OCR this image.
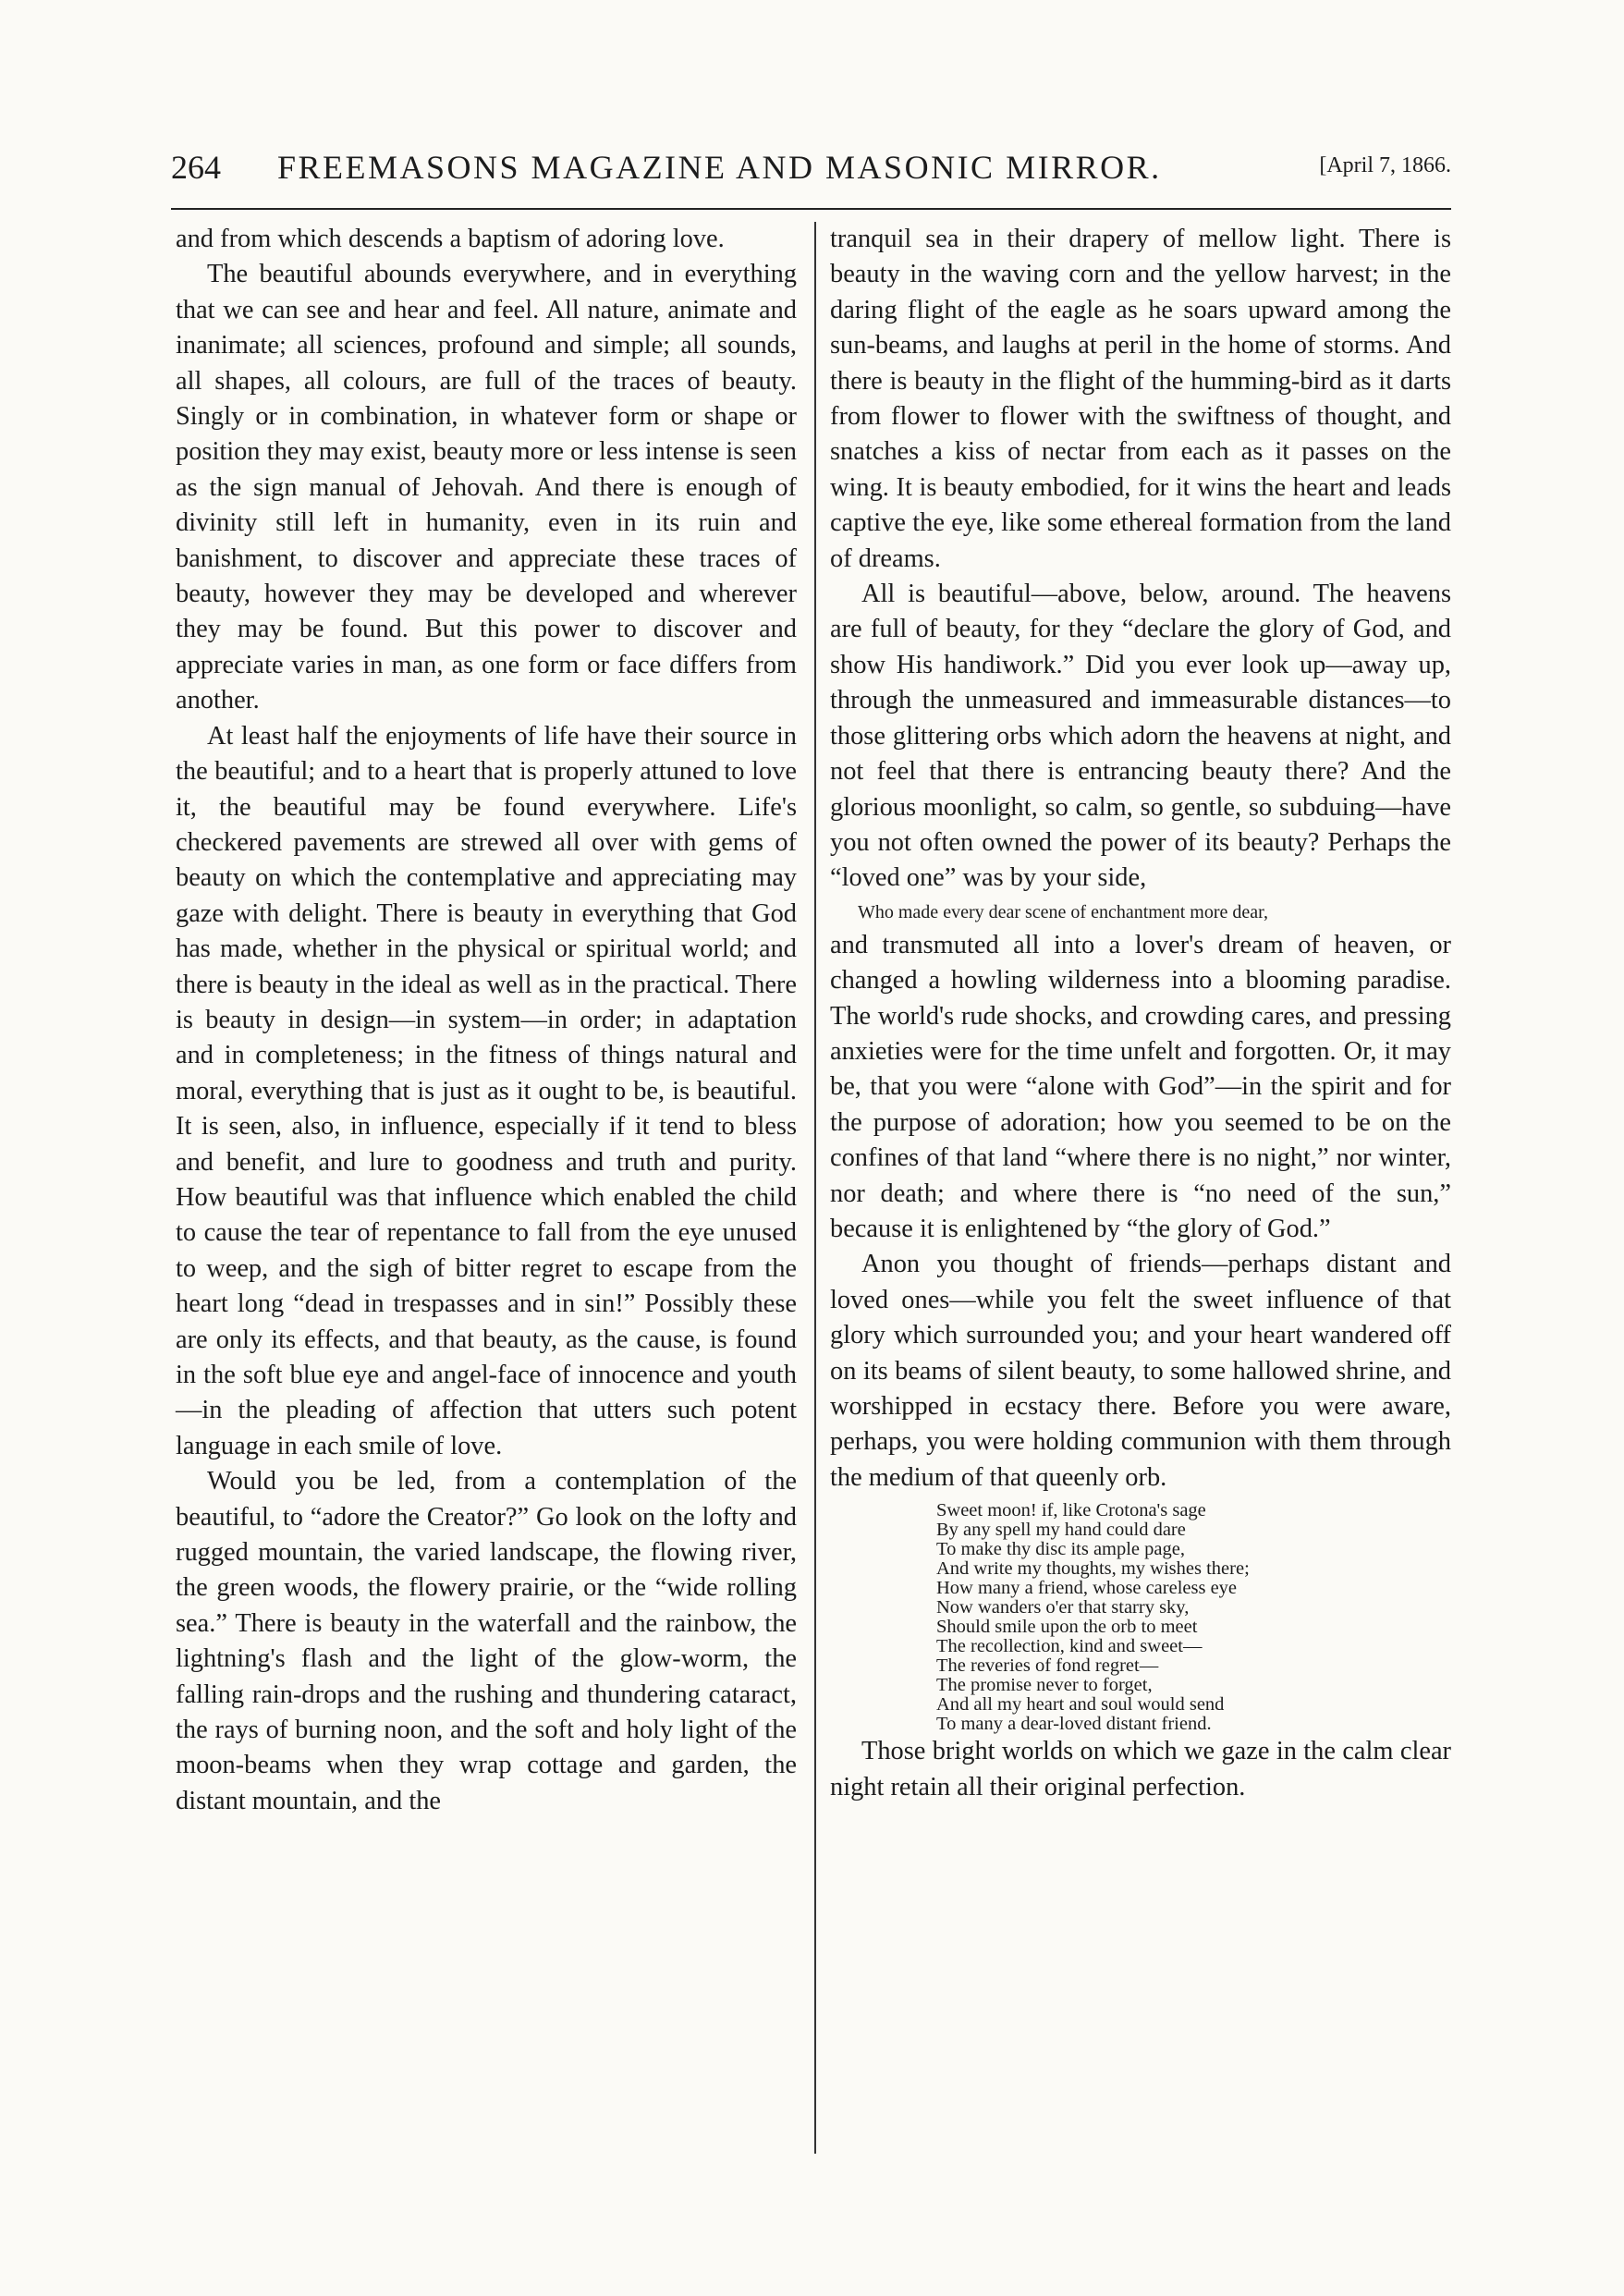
264 FREEMASONS MAGAZINE AND MASONIC MIRROR.	[April 7, 1866.

and from which descends a baptism of adoring love.

The beautiful abounds everywhere, and in everything that we can see and hear and feel. All nature, animate and inanimate; all sciences, profound and simple; all sounds, all shapes, all colours, are full of the traces of beauty. Singly or in combination, in whatever form or shape or position they may exist, beauty more or less intense is seen as the sign manual of Jehovah. And there is enough of divinity still left in humanity, even in its ruin and banishment, to discover and appreciate these traces of beauty, however they may be developed and wherever they may be found. But this power to discover and appreciate varies in man, as one form or face differs from another.

At least half the enjoyments of life have their source in the beautiful; and to a heart that is properly attuned to love it, the beautiful may be found everywhere. Life's checkered pavements are strewed all over with gems of beauty on which the contemplative and appreciating may gaze with delight. There is beauty in everything that God has made, whether in the physical or spiritual world; and there is beauty in the ideal as well as in the practical. There is beauty in design—in system—in order; in adaptation and in completeness; in the fitness of things natural and moral, everything that is just as it ought to be, is beautiful. It is seen, also, in influence, especially if it tend to bless and benefit, and lure to goodness and truth and purity. How beautiful was that influence which enabled the child to cause the tear of repentance to fall from the eye unused to weep, and the sigh of bitter regret to escape from the heart long “dead in trespasses and in sin!” Possibly these are only its effects, and that beauty, as the cause, is found in the soft blue eye and angel-face of innocence and youth—in the pleading of affection that utters such potent language in each smile of love.

Would you be led, from a contemplation of the beautiful, to “adore the Creator?” Go look on the lofty and rugged mountain, the varied landscape, the flowing river, the green woods, the flowery prairie, or the “wide rolling sea.” There is beauty in the waterfall and the rainbow, the lightning's flash and the light of the glow-worm, the falling rain-drops and the rushing and thundering cataract, the rays of burning noon, and the soft and holy light of the moon-beams when they wrap cottage and garden, the distant mountain, and the

tranquil sea in their drapery of mellow light. There is beauty in the waving corn and the yellow harvest; in the daring flight of the eagle as he soars upward among the sun-beams, and laughs at peril in the home of storms. And there is beauty in the flight of the humming-bird as it darts from flower to flower with the swiftness of thought, and snatches a kiss of nectar from each as it passes on the wing. It is beauty embodied, for it wins the heart and leads captive the eye, like some ethereal formation from the land of dreams.

All is beautiful—above, below, around. The heavens are full of beauty, for they “declare the glory of God, and show His handiwork.” Did you ever look up—away up, through the unmeasured and immeasurable distances—to those glittering orbs which adorn the heavens at night, and not feel that there is entrancing beauty there? And the glorious moonlight, so calm, so gentle, so subduing—have you not often owned the power of its beauty? Perhaps the “loved one” was by your side,

Who made every dear scene of enchantment more dear,

and transmuted all into a lover's dream of heaven, or changed a howling wilderness into a blooming paradise. The world's rude shocks, and crowding cares, and pressing anxieties were for the time unfelt and forgotten. Or, it may be, that you were “alone with God”—in the spirit and for the purpose of adoration; how you seemed to be on the confines of that land “where there is no night,” nor winter, nor death; and where there is “no need of the sun,” because it is enlightened by “the glory of God.”

Anon you thought of friends—perhaps distant and loved ones—while you felt the sweet influence of that glory which surrounded you; and your heart wandered off on its beams of silent beauty, to some hallowed shrine, and worshipped in ecstacy there. Before you were aware, perhaps, you were holding communion with them through the medium of that queenly orb.

Sweet moon! if, like Crotona's sage
By any spell my hand could dare
To make thy disc its ample page,
And write my thoughts, my wishes there;
How many a friend, whose careless eye
Now wanders o'er that starry sky,
Should smile upon the orb to meet
The recollection, kind and sweet—
The reveries of fond regret—
The promise never to forget,
And all my heart and soul would send
To many a dear-loved distant friend.

Those bright worlds on which we gaze in the calm clear night retain all their original perfection.
